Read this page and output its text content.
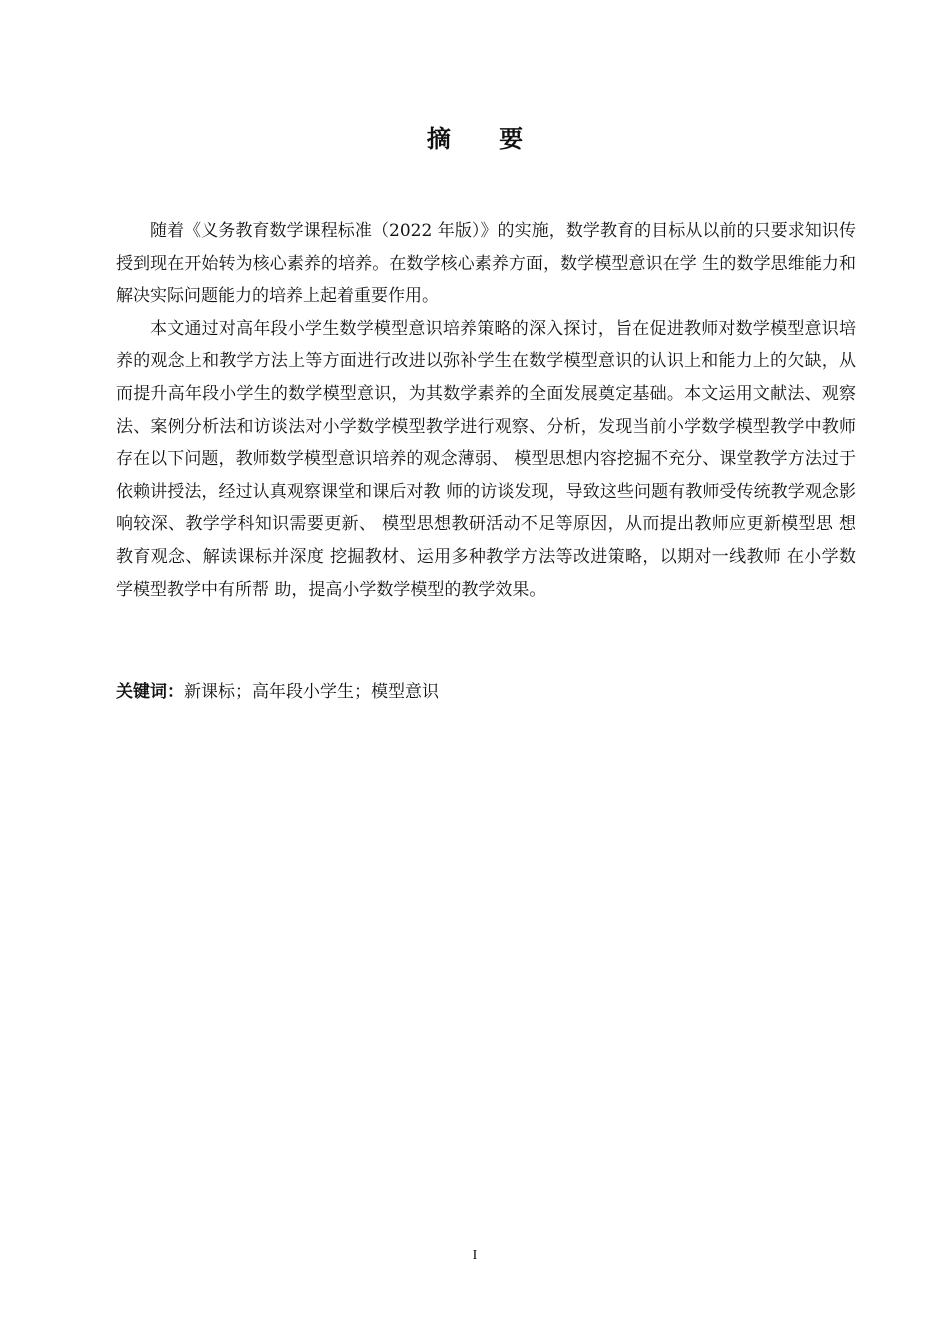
摘 要

随着《义务教育数学课程标准（2022 年版）》的实施，数学教育的目标从以前的只要求知识传授到现在开始转为核心素养的培养。在数学核心素养方面，数学模型意识在学 生的数学思维能力和解决实际问题能力的培养上起着重要作用。

本文通过对高年段小学生数学模型意识培养策略的深入探讨，旨在促进教师对数学模型意识培养的观念上和教学方法上等方面进行改进以弥补学生在数学模型意识的认识上和能力上的欠缺，从而提升高年段小学生的数学模型意识，为其数学素养的全面发展奠定基础。本文运用文献法、观察法、案例分析法和访谈法对小学数学模型教学进行观察、分析，发现当前小学数学模型教学中教师存在以下问题，教师数学模型意识培养的观念薄弱、 模型思想内容挖掘不充分、课堂教学方法过于依赖讲授法，经过认真观察课堂和课后对教 师的访谈发现，导致这些问题有教师受传统教学观念影响较深、教学学科知识需要更新、 模型思想教研活动不足等原因，从而提出教师应更新模型思 想教育观念、解读课标并深度 挖掘教材、运用多种教学方法等改进策略，以期对一线教师 在小学数学模型教学中有所帮 助，提高小学数学模型的教学效果。

关键词：新课标；高年段小学生；模型意识
I
